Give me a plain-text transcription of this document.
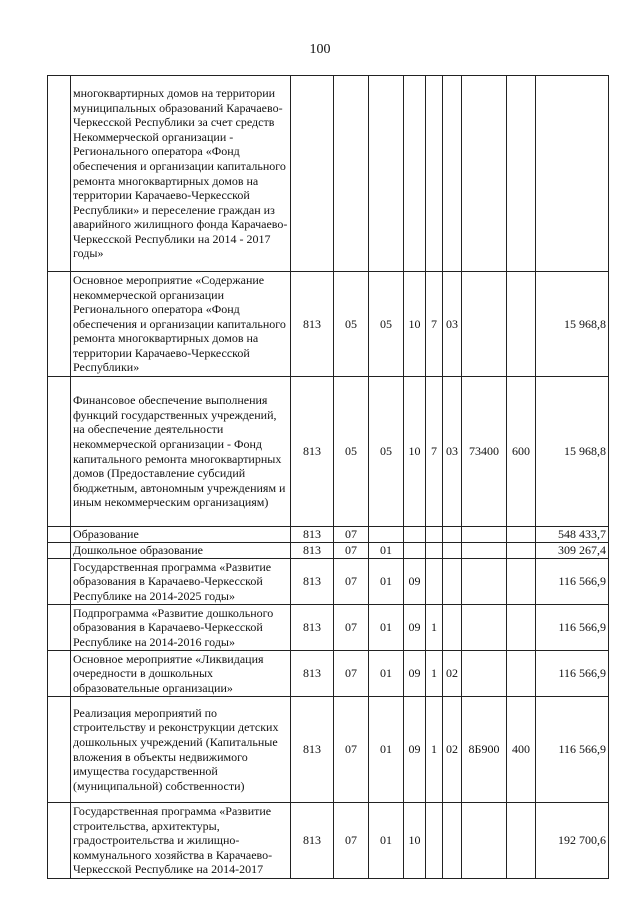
100
	многоквартирных домов на территории муниципальных образований Карачаево-Черкесской Республики за счет средств Некоммерческой организации - Регионального оператора «Фонд обеспечения и организации капитального ремонта многоквартирных домов на территории Карачаево-Черкесской Республики» и переселение граждан из аварийного жилищного фонда Карачаево-Черкесской Республики на 2014 - 2017 годы»									
	Основное мероприятие «Содержание некоммерческой организации Регионального оператора «Фонд обеспечения и организации капитального ремонта многоквартирных домов на территории Карачаево-Черкесской Республики»	813	05	05	10	7	03			15 968,8
	Финансовое обеспечение выполнения функций государственных учреждений, на обеспечение деятельности некоммерческой организации - Фонд капитального ремонта многоквартирных домов (Предоставление субсидий бюджетным, автономным учреждениям и иным некоммерческим организациям)	813	05	05	10	7	03	73400	600	15 968,8
	Образование	813	07							548 433,7
	Дошкольное образование	813	07	01						309 267,4
	Государственная программа «Развитие образования в Карачаево-Черкесской Республике на 2014-2025 годы»	813	07	01	09					116 566,9
	Подпрограмма «Развитие дошкольного образования в Карачаево-Черкесской Республике на 2014-2016 годы»	813	07	01	09	1				116 566,9
	Основное мероприятие «Ликвидация очередности в дошкольных образовательные организации»	813	07	01	09	1	02			116 566,9
	Реализация мероприятий по строительству и реконструкции детских дошкольных учреждений (Капитальные вложения в объекты недвижимого имущества государственной (муниципальной) собственности)	813	07	01	09	1	02	8Б900	400	116 566,9
	Государственная программа «Развитие строительства, архитектуры, градостроительства и жилищно-коммунального хозяйства в Карачаево-Черкесской Республике на 2014-2017	813	07	01	10					192 700,6
